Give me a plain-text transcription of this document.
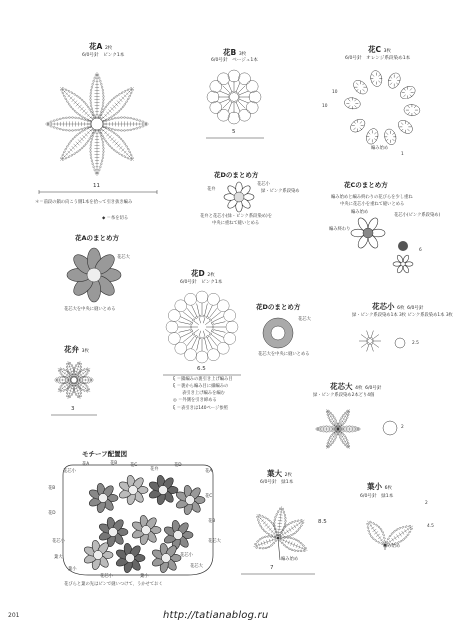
花A 2枚
6/0号針　ピンク1本
11
＊＝前段の鎖の向こう側1本を拾って引き抜き編み
◆ ＝糸を切る
花B 3枚
6/0号針　ベージュ1本
5
花C 3枚
6/0号針　オレンジ系段染め1本
10
10
編み始め
1
花Dのまとめ方
花芯小
緑・ピンク系段染め
花弁
花弁と花芯小(緑・ピンク系段染め)を
中央に重ねて縫いとめる
花Cのまとめ方
編み始めと編み終わりの花びらを少し重ね
中央に花芯小を重ねて縫いとめる
編み始め
編み終わり
花芯小(ピンク系段染め)
6
花Aのまとめ方
花芯大
花芯大を中央に縫いとめる
花D 2枚
6/0号針　ピンク1本
6.5
ξ ＝鎖編みの裏引き上げ編み目
ξ ＝裏から編み目に細編みの
表引き上げ編みを編む
◎ ＝外側を引き締める
ξ ＝表引きは140ページ参照
花Dのまとめ方
花芯大
花芯大を中央に縫いとめる
花芯小 6枚 6/0号針
緑・ピンク系段染め1本 3枚 ピンク系段染め1本 3枚
2.5
花弁 3枚
3
花芯大 4枚 6/0号針
緑・ピンク系段染め2本どり4個
2
モチーフ配置図
花A	花B	花C	花D
花A
花B
花C
花D
花B
花芯小	花芯大
葉大
葉小
花弁
花芯小
花芯小
花芯小	葉小
花芯大
花びらと葉の先はピンで縫いつけて、うかせておく
葉大 2枚
6/0号針　緑1本
8.5
7
編み始め
葉小 6枚
6/0号針　緑1本
2
4.5
編み始め
201	http://tatianablog.ru
